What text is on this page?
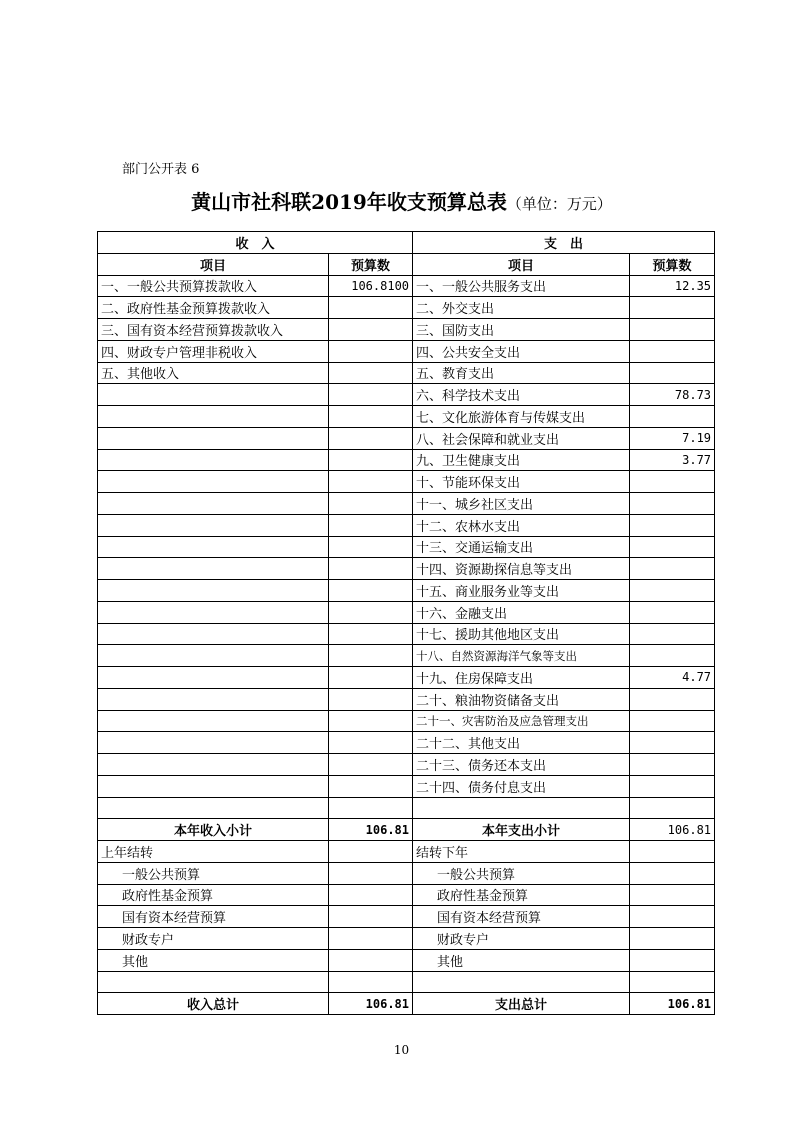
部门公开表 6
黄山市社科联2019年收支预算总表（单位：万元）
收　入		支　出	
项目	预算数	项目	预算数
一、一般公共预算拨款收入	106.8100	一、一般公共服务支出	12.35
二、政府性基金预算拨款收入		二、外交支出	
三、国有资本经营预算拨款收入		三、国防支出	
四、财政专户管理非税收入		四、公共安全支出	
五、其他收入		五、教育支出	
		六、科学技术支出	78.73
		七、文化旅游体育与传媒支出	
		八、社会保障和就业支出	7.19
		九、卫生健康支出	3.77
		十、节能环保支出	
		十一、城乡社区支出	
		十二、农林水支出	
		十三、交通运输支出	
		十四、资源勘探信息等支出	
		十五、商业服务业等支出	
		十六、金融支出	
		十七、援助其他地区支出	
		十八、自然资源海洋气象等支出	
		十九、住房保障支出	4.77
		二十、粮油物资储备支出	
		二十一、灾害防治及应急管理支出	
		二十二、其他支出	
		二十三、债务还本支出	
		二十四、债务付息支出	

本年收入小计	106.81	本年支出小计	106.81
上年结转		结转下年	
一般公共预算		一般公共预算	
政府性基金预算		政府性基金预算	
国有资本经营预算		国有资本经营预算	
财政专户		财政专户	
其他		其他	

收入总计	106.81	支出总计	106.81
10
